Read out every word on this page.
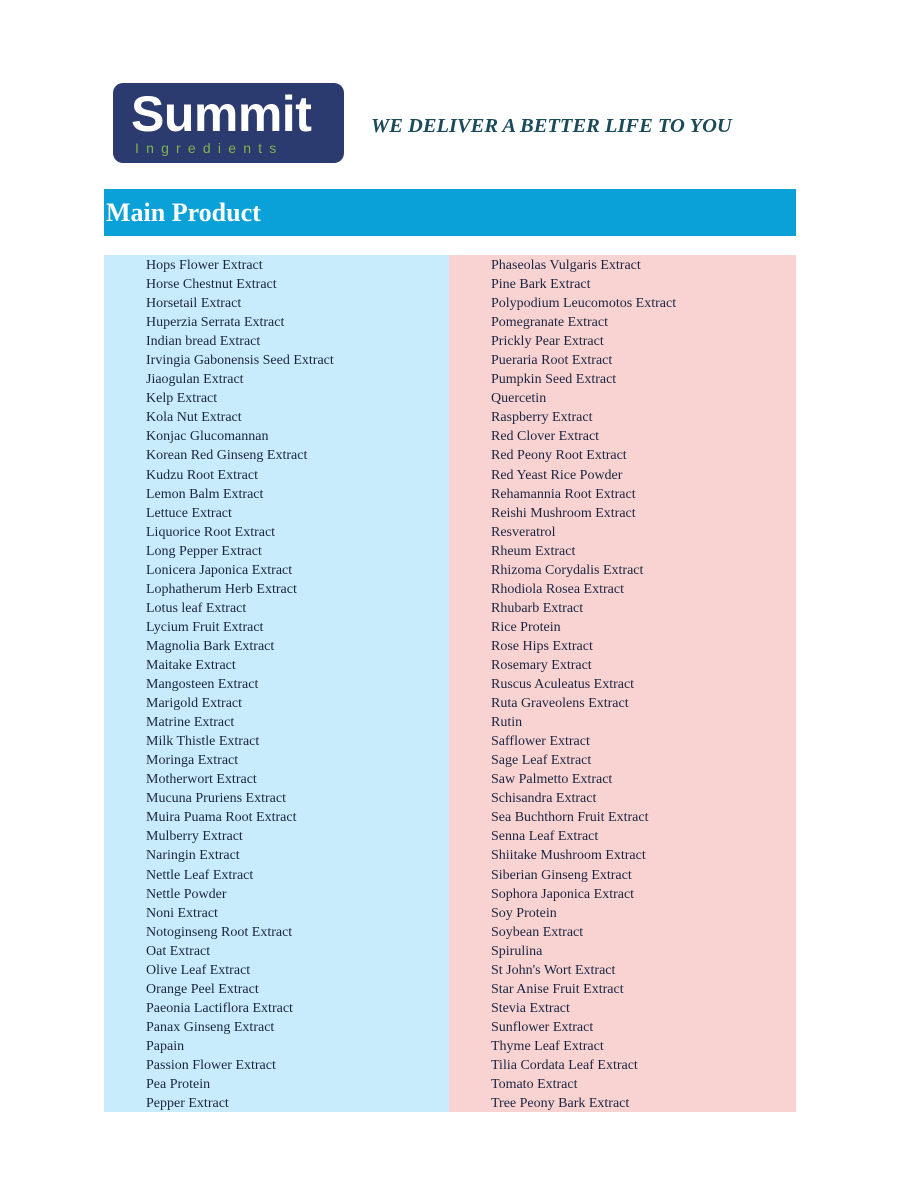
Summit
Ingredients
WE DELIVER A BETTER LIFE TO YOU
Main Product
Hops Flower Extract
Horse Chestnut Extract
Horsetail Extract
Huperzia Serrata Extract
Indian bread Extract
Irvingia Gabonensis Seed Extract
Jiaogulan Extract
Kelp Extract
Kola Nut Extract
Konjac Glucomannan
Korean Red Ginseng Extract
Kudzu Root Extract
Lemon Balm Extract
Lettuce Extract
Liquorice Root Extract
Long Pepper Extract
Lonicera Japonica Extract
Lophatherum Herb Extract
Lotus leaf Extract
Lycium Fruit Extract
Magnolia Bark Extract
Maitake Extract
Mangosteen Extract
Marigold Extract
Matrine Extract
Milk Thistle Extract
Moringa Extract
Motherwort Extract
Mucuna Pruriens Extract
Muira Puama Root Extract
Mulberry Extract
Naringin Extract
Nettle Leaf Extract
Nettle Powder
Noni Extract
Notoginseng Root Extract
Oat Extract
Olive Leaf Extract
Orange Peel Extract
Paeonia Lactiflora Extract
Panax Ginseng Extract
Papain
Passion Flower Extract
Pea Protein
Pepper Extract
Phaseolas Vulgaris Extract
Pine Bark Extract
Polypodium Leucomotos Extract
Pomegranate Extract
Prickly Pear Extract
Pueraria Root Extract
Pumpkin Seed Extract
Quercetin
Raspberry Extract
Red Clover Extract
Red Peony Root Extract
Red Yeast Rice Powder
Rehamannia Root Extract
Reishi Mushroom Extract
Resveratrol
Rheum Extract
Rhizoma Corydalis Extract
Rhodiola Rosea Extract
Rhubarb Extract
Rice Protein
Rose Hips Extract
Rosemary Extract
Ruscus Aculeatus Extract
Ruta Graveolens Extract
Rutin
Safflower Extract
Sage Leaf Extract
Saw Palmetto Extract
Schisandra Extract
Sea Buchthorn Fruit Extract
Senna Leaf Extract
Shiitake Mushroom Extract
Siberian Ginseng Extract
Sophora Japonica Extract
Soy Protein
Soybean Extract
Spirulina
St John's Wort Extract
Star Anise Fruit Extract
Stevia Extract
Sunflower Extract
Thyme Leaf Extract
Tilia Cordata Leaf Extract
Tomato Extract
Tree Peony Bark Extract
